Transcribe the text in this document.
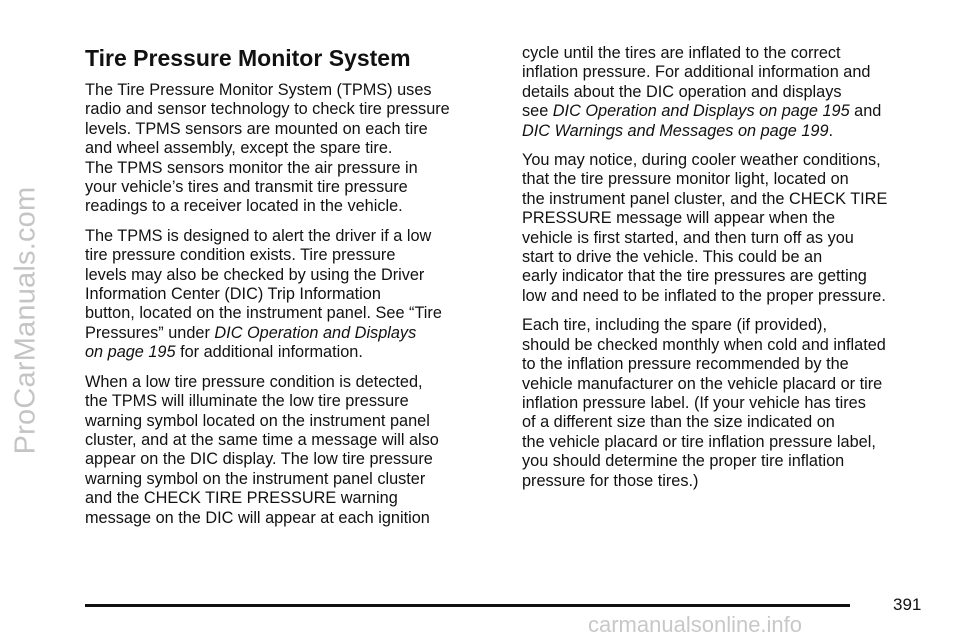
ProCarManuals.com
Tire Pressure Monitor System
The Tire Pressure Monitor System (TPMS) uses
radio and sensor technology to check tire pressure
levels. TPMS sensors are mounted on each tire
and wheel assembly, except the spare tire.
The TPMS sensors monitor the air pressure in
your vehicle’s tires and transmit tire pressure
readings to a receiver located in the vehicle.
The TPMS is designed to alert the driver if a low
tire pressure condition exists. Tire pressure
levels may also be checked by using the Driver
Information Center (DIC) Trip Information
button, located on the instrument panel. See “Tire
Pressures” under DIC Operation and Displays
on page 195 for additional information.
When a low tire pressure condition is detected,
the TPMS will illuminate the low tire pressure
warning symbol located on the instrument panel
cluster, and at the same time a message will also
appear on the DIC display. The low tire pressure
warning symbol on the instrument panel cluster
and the CHECK TIRE PRESSURE warning
message on the DIC will appear at each ignition
cycle until the tires are inflated to the correct
inflation pressure. For additional information and
details about the DIC operation and displays
see DIC Operation and Displays on page 195 and
DIC Warnings and Messages on page 199.
You may notice, during cooler weather conditions,
that the tire pressure monitor light, located on
the instrument panel cluster, and the CHECK TIRE
PRESSURE message will appear when the
vehicle is first started, and then turn off as you
start to drive the vehicle. This could be an
early indicator that the tire pressures are getting
low and need to be inflated to the proper pressure.
Each tire, including the spare (if provided),
should be checked monthly when cold and inflated
to the inflation pressure recommended by the
vehicle manufacturer on the vehicle placard or tire
inflation pressure label. (If your vehicle has tires
of a different size than the size indicated on
the vehicle placard or tire inflation pressure label,
you should determine the proper tire inflation
pressure for those tires.)
391
carmanualsonline.info
